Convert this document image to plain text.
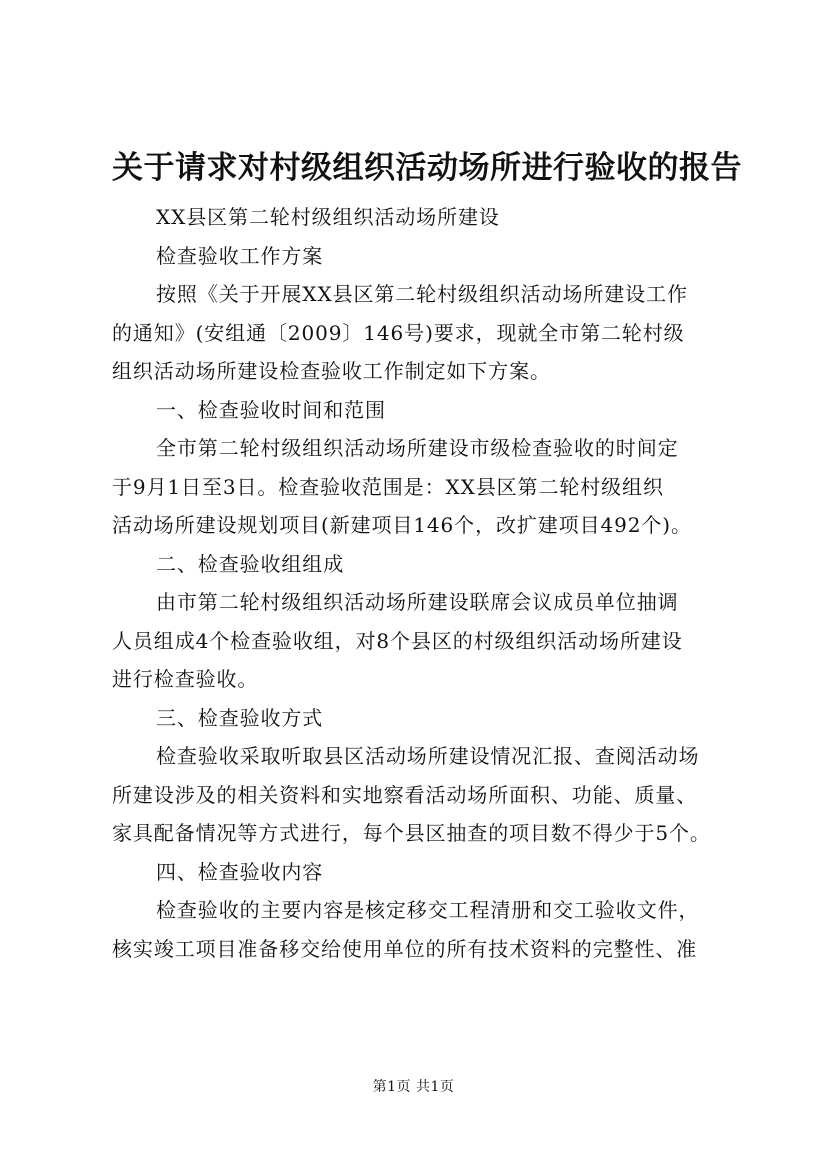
关于请求对村级组织活动场所进行验收的报告

XX县区第二轮村级组织活动场所建设

检查验收工作方案

按照《关于开展XX县区第二轮村级组织活动场所建设工作

的通知》(安组通〔2009〕146号)要求，现就全市第二轮村级

组织活动场所建设检查验收工作制定如下方案。

一、检查验收时间和范围

全市第二轮村级组织活动场所建设市级检查验收的时间定

于9月1日至3日。检查验收范围是：XX县区第二轮村级组织

活动场所建设规划项目(新建项目146个，改扩建项目492个)。

二、检查验收组组成

由市第二轮村级组织活动场所建设联席会议成员单位抽调

人员组成4个检查验收组，对8个县区的村级组织活动场所建设

进行检查验收。

三、检查验收方式

检查验收采取听取县区活动场所建设情况汇报、查阅活动场

所建设涉及的相关资料和实地察看活动场所面积、功能、质量、

家具配备情况等方式进行，每个县区抽查的项目数不得少于5个。

四、检查验收内容

检查验收的主要内容是核定移交工程清册和交工验收文件，

核实竣工项目准备移交给使用单位的所有技术资料的完整性、准

第1页 共1页
